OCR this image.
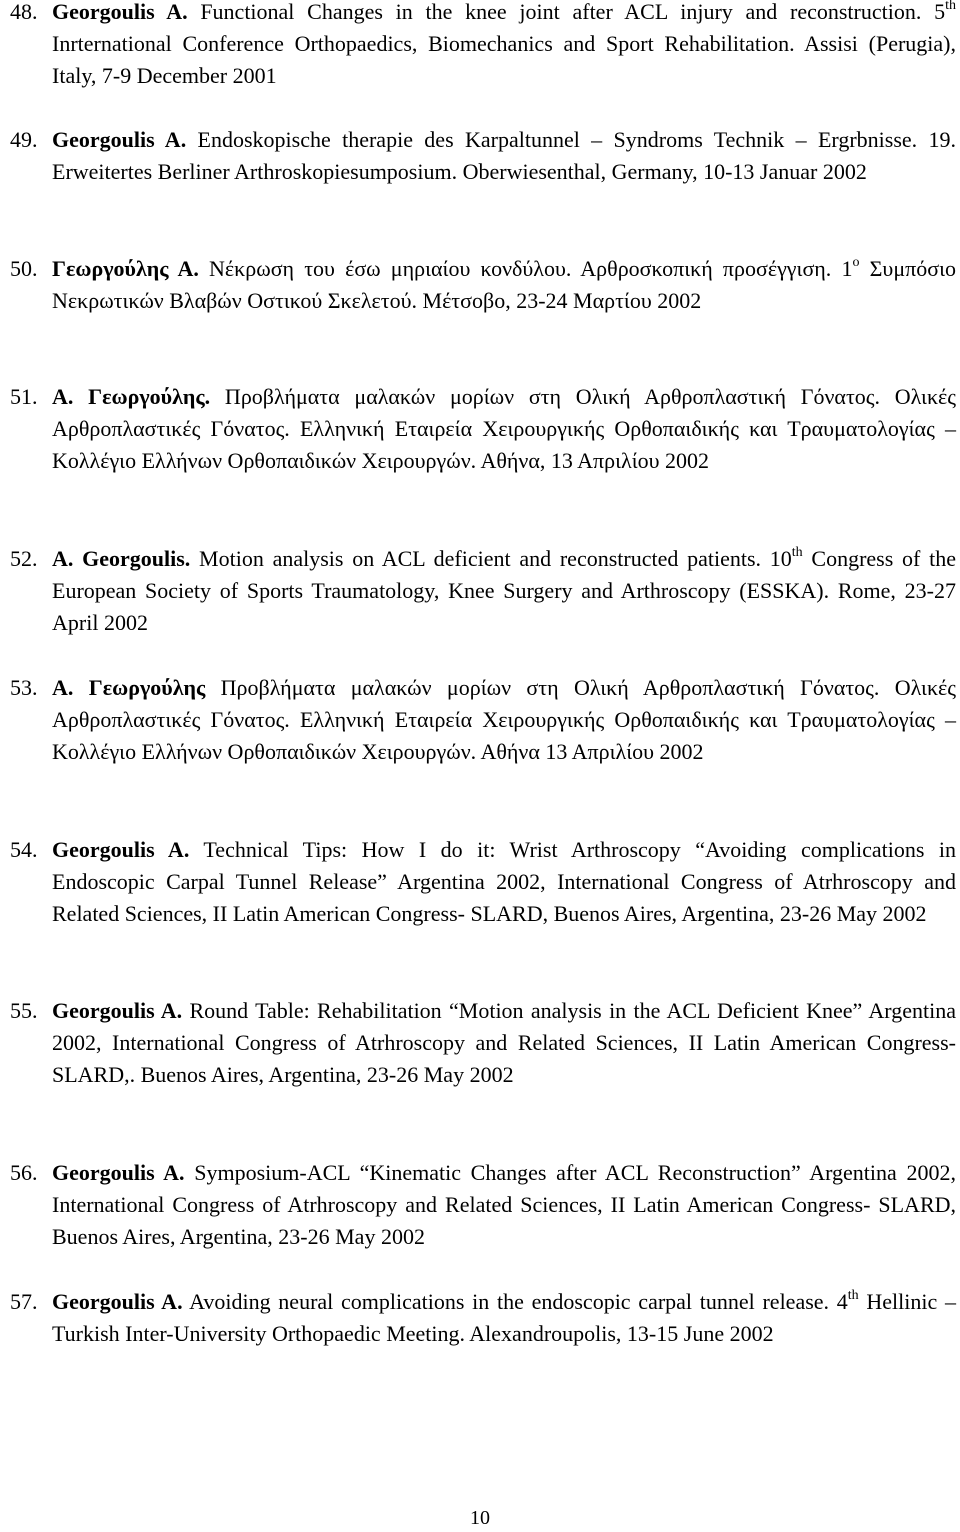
48. Georgoulis A. Functional Changes in the knee joint after ACL injury and reconstruction. 5th Inrternational Conference Orthopaedics, Biomechanics and Sport Rehabilitation. Assisi (Perugia), Italy, 7-9 December 2001
49. Georgoulis A. Endoskopische therapie des Karpaltunnel – Syndroms Technik – Ergrbnisse. 19. Erweitertes Berliner Arthroskopiesumposium. Oberwiesenthal, Germany, 10-13 Januar 2002
50. Γεωργούλης Α. Νέκρωση του έσω μηριαίου κονδύλου. Αρθροσκοπική προσέγγιση. $1^o$ Συμπόσιο Νεκρωτικών Βλαβών Οστικού Σκελετού. Μέτσοβο, 23-24 Μαρτίου 2002
51. Α. Γεωργούλης. Προβλήματα μαλακών μορίων στη Ολική Αρθροπλαστική Γόνατος. Ολικές Αρθροπλαστικές Γόνατος. Ελληνική Εταιρεία Χειρουργικής Ορθοπαιδικής και Τραυματολογίας – Κολλέγιο Ελλήνων Ορθοπαιδικών Χειρουργών. Αθήνα, 13 Απριλίου 2002
52. A. Georgoulis. Motion analysis on ACL deficient and reconstructed patients. 10th Congress of the European Society of Sports Traumatology, Knee Surgery and Arthroscopy (ESSKA). Rome, 23-27 April 2002
53. Α. Γεωργούλης Προβλήματα μαλακών μορίων στη Ολική Αρθροπλαστική Γόνατος. Ολικές Αρθροπλαστικές Γόνατος. Ελληνική Εταιρεία Χειρουργικής Ορθοπαιδικής και Τραυματολογίας – Κολλέγιο Ελλήνων Ορθοπαιδικών Χειρουργών. Αθήνα 13 Απριλίου 2002
54. Georgoulis A. Technical Tips: How I do it: Wrist Arthroscopy “Avoiding complications in Endoscopic Carpal Tunnel Release” Argentina 2002, International Congress of Atrhroscopy and Related Sciences, II Latin American Congress- SLARD, Buenos Aires, Argentina, 23-26 May 2002
55. Georgoulis A. Round Table: Rehabilitation “Motion analysis in the ACL Deficient Knee” Argentina 2002, International Congress of Atrhroscopy and Related Sciences, II Latin American Congress- SLARD,. Buenos Aires, Argentina, 23-26 May 2002
56. Georgoulis A. Symposium-ACL “Kinematic Changes after ACL Reconstruction” Argentina 2002, International Congress of Atrhroscopy and Related Sciences, II Latin American Congress- SLARD, Buenos Aires, Argentina, 23-26 May 2002
57. Georgoulis A. Avoiding neural complications in the endoscopic carpal tunnel release. 4th Hellinic – Turkish Inter-University Orthopaedic Meeting. Alexandroupolis, 13-15 June 2002
10
